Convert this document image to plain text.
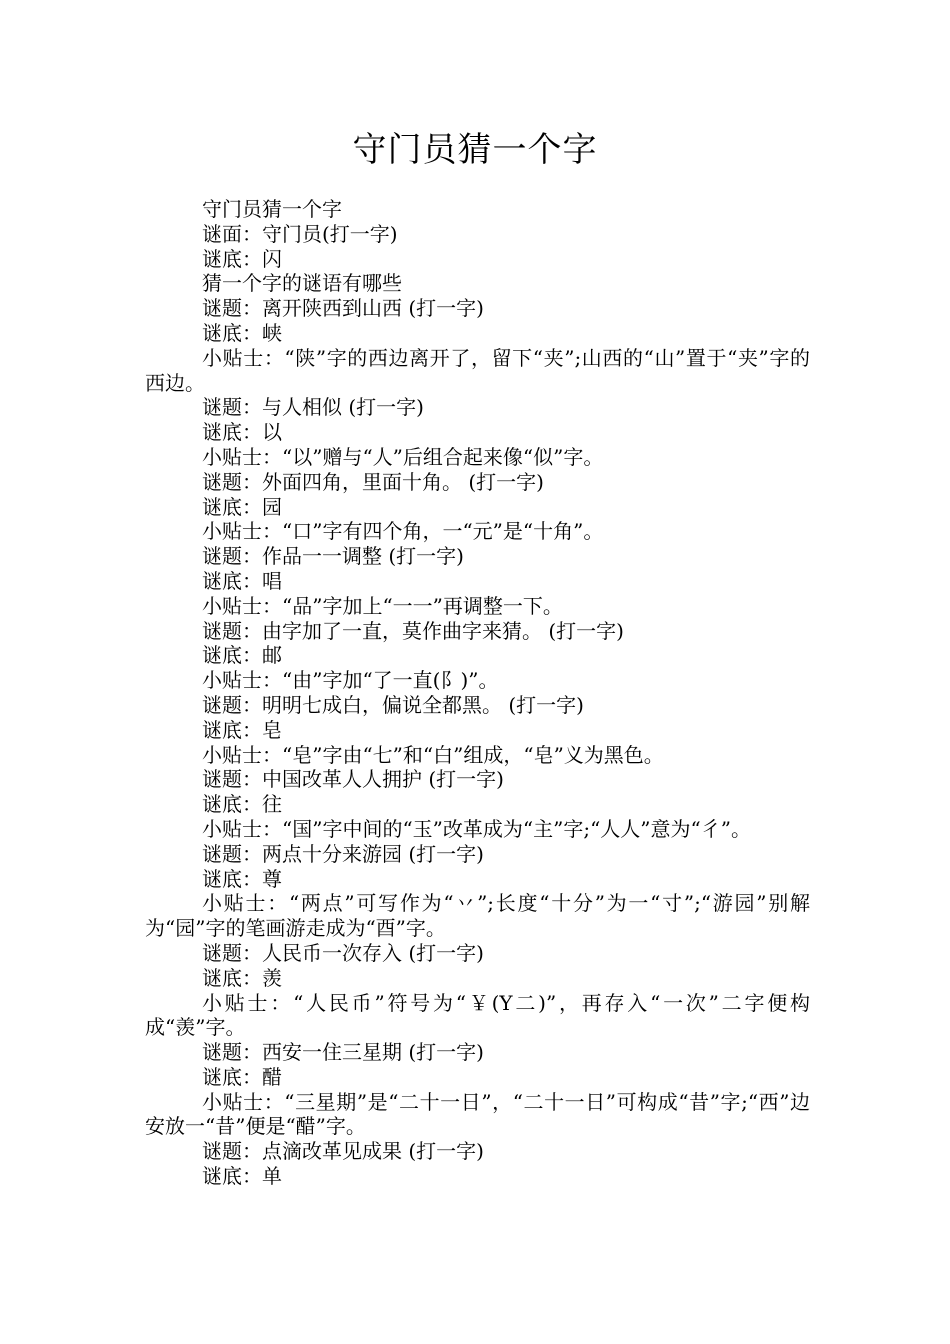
守门员猜一个字

守门员猜一个字

谜面：守门员(打一字)

谜底：闪

猜一个字的谜语有哪些

谜题：离开陕西到山西 (打一字)

谜底：峡

小贴士：“陕”字的西边离开了，留下“夹”;山西的“山”置于“夹”字的西边。

谜题：与人相似 (打一字)

谜底：以

小贴士：“以”赠与“人”后组合起来像“似”字。

谜题：外面四角，里面十角。 (打一字)

谜底：园

小贴士：“口”字有四个角，一“元”是“十角”。

谜题：作品一一调整 (打一字)

谜底：唱

小贴士：“品”字加上“一一”再调整一下。

谜题：由字加了一直，莫作曲字来猜。 (打一字)

谜底：邮

小贴士：“由”字加“了一直(阝)”。

谜题：明明七成白，偏说全都黑。 (打一字)

谜底：皂

小贴士：“皂”字由“七”和“白”组成，“皂”义为黑色。

谜题：中国改革人人拥护 (打一字)

谜底：往

小贴士：“国”字中间的“玉”改革成为“主”字;“人人”意为“彳”。

谜题：两点十分来游园 (打一字)

谜底：尊

小贴士：“两点”可写作为“丷”;长度“十分”为一“寸”;“游园”别解为“园”字的笔画游走成为“酉”字。

谜题：人民币一次存入 (打一字)

谜底：羡

小贴士：“人民币”符号为“￥(Y二)”，再存入“一次”二字便构成“羡”字。

谜题：西安一住三星期 (打一字)

谜底：醋

小贴士：“三星期”是“二十一日”，“二十一日”可构成“昔”字;“西”边安放一“昔”便是“醋”字。

谜题：点滴改革见成果 (打一字)

谜底：单
